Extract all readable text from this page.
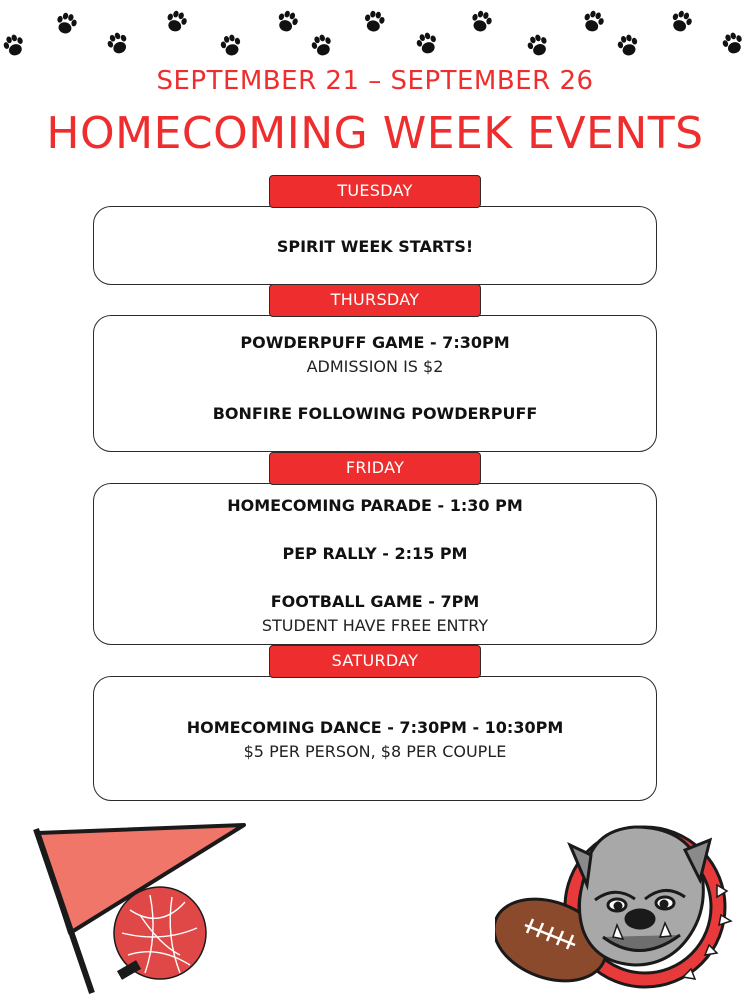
SEPTEMBER 21 – SEPTEMBER 26
HOMECOMING WEEK EVENTS
SPIRIT WEEK STARTS!
TUESDAY
POWDERPUFF GAME - 7:30PM
ADMISSION IS $2
BONFIRE FOLLOWING POWDERPUFF
THURSDAY
HOMECOMING PARADE - 1:30 PM
PEP RALLY - 2:15 PM
FOOTBALL GAME - 7PM
STUDENT HAVE FREE ENTRY
FRIDAY
HOMECOMING DANCE - 7:30PM - 10:30PM
$5 PER PERSON, $8 PER COUPLE
SATURDAY
